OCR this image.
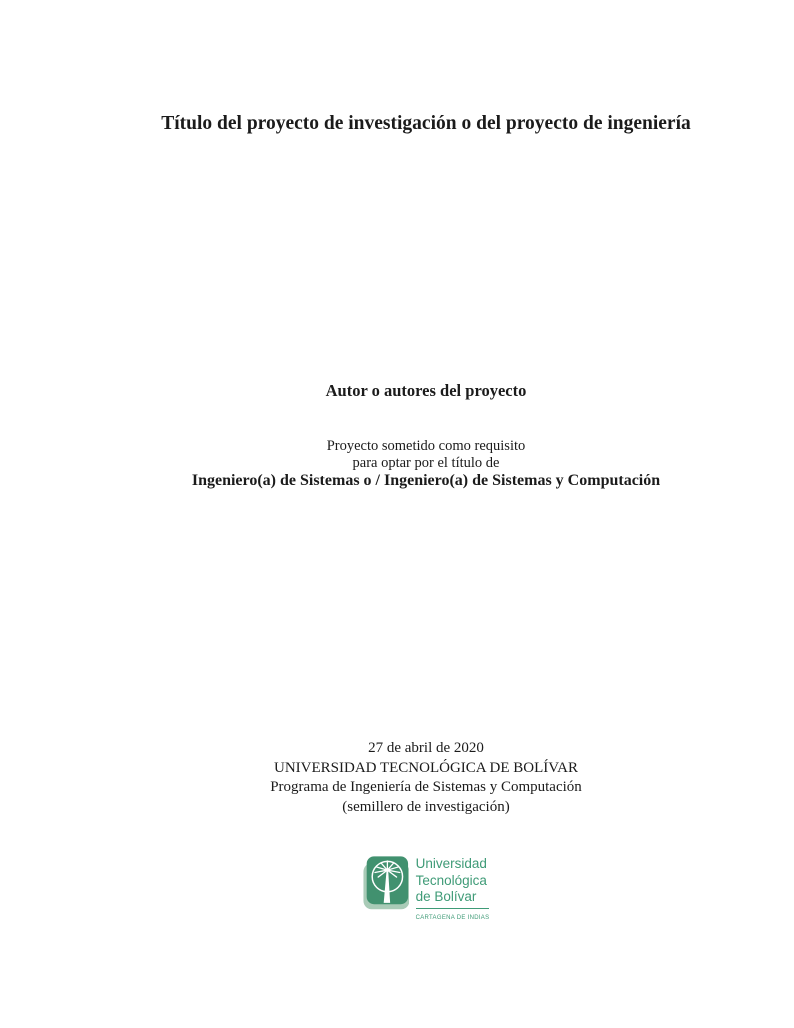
Título del proyecto de investigación o del proyecto de ingeniería
Autor o autores del proyecto
Proyecto sometido como requisito
para optar por el título de
Ingeniero(a) de Sistemas o / Ingeniero(a) de Sistemas y Computación
27 de abril de 2020
UNIVERSIDAD TECNOLÓGICA DE BOLÍVAR
Programa de Ingeniería de Sistemas y Computación
(semillero de investigación)
Universidad
Tecnológica
de Bolívar
CARTAGENA DE INDIAS
